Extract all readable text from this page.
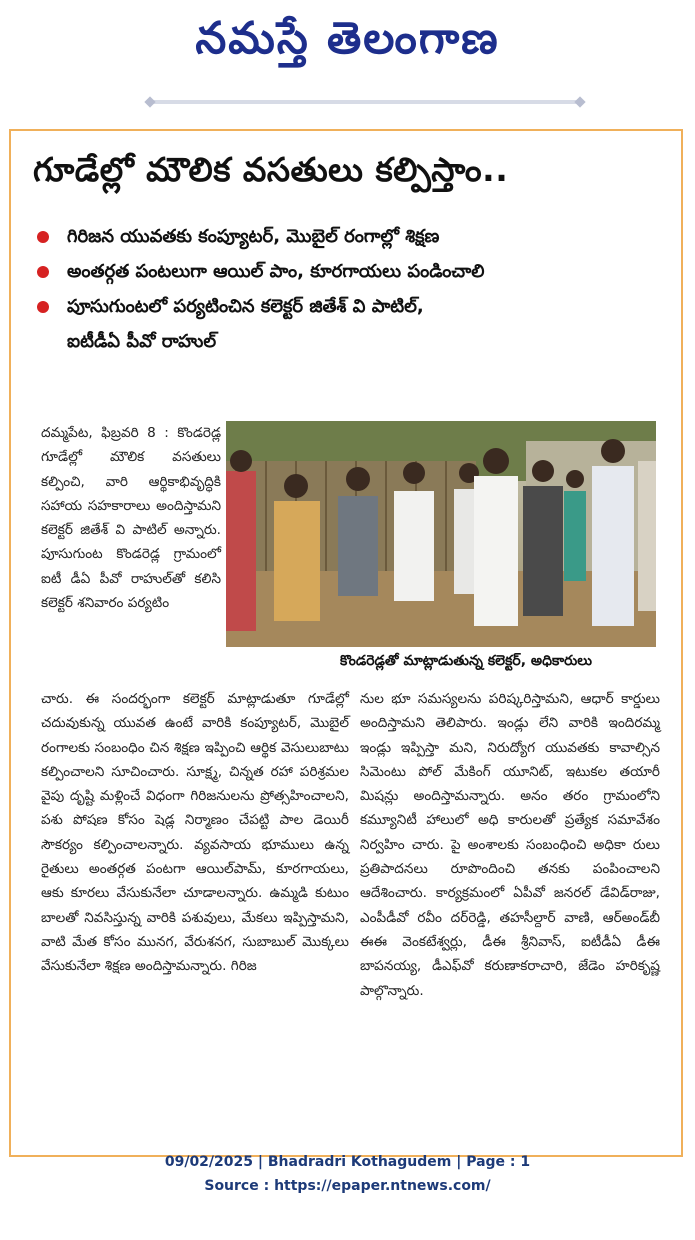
నమస్తే తెలంగాణ
గూడేల్లో మౌలిక వసతులు కల్పిస్తాం..
గిరిజన యువతకు కంప్యూటర్, మొబైల్ రంగాల్లో శిక్షణ
అంతర్గత పంటలుగా ఆయిల్ పాం, కూరగాయలు పండించాలి
పూసుగుంటలో పర్యటించిన కలెక్టర్ జితేశ్ వి పాటిల్,
ఐటీడీఏ పీవో రాహుల్
దమ్మపేట, ఫిబ్రవరి 8 : కొండరెడ్ల గూడేల్లో మౌలిక వసతులు కల్పించి, వారి ఆర్థికాభివృద్ధికి సహాయ సహకారాలు అందిస్తామని కలెక్టర్ జితేశ్ వి పాటిల్ అన్నారు. పూసుగుంట కొండరెడ్ల గ్రామంలో ఐటీ డీఏ పీవో రాహుల్‌తో కలిసి కలెక్టర్ శనివారం పర్యటిం
కొండరెడ్లతో మాట్లాడుతున్న కలెక్టర్, అధికారులు
చారు. ఈ సందర్భంగా కలెక్టర్ మాట్లాడుతూ గూడేల్లో చదువుకున్న యువత ఉంటే వారికి కంప్యూటర్, మొబైల్ రంగాలకు సంబంధిం చిన శిక్షణ ఇప్పించి ఆర్థిక వెసులుబాటు కల్పించాలని సూచించారు. సూక్ష్మ, చిన్నత రహా పరిశ్రమల వైపు దృష్టి మళ్లించే విధంగా గిరిజనులను ప్రోత్సహించాలని, పశు పోషణ కోసం షెడ్ల నిర్మాణం చేపట్టి పాల డెయిరీ సౌకర్యం కల్పించాలన్నారు. వ్యవసాయ భూములు ఉన్న రైతులు అంతర్గత పంటగా ఆయిల్‌పామ్, కూరగాయలు, ఆకు కూరలు వేసుకునేలా చూడాలన్నారు. ఉమ్మడి కుటుం బాలతో నివసిస్తున్న వారికి పశువులు, మేకలు ఇప్పిస్తామని, వాటి మేత కోసం మునగ, వేరుశనగ, సుబాబుల్ మొక్కలు వేసుకునేలా శిక్షణ అందిస్తామన్నారు. గిరిజ
నుల భూ సమస్యలను పరిష్కరిస్తామని, ఆధార్ కార్డులు అందిస్తామని తెలిపారు. ఇండ్లు లేని వారికి ఇందిరమ్మ ఇండ్లు ఇప్పిస్తా మని, నిరుద్యోగ యువతకు కావాల్సిన సిమెంటు పోల్ మేకింగ్ యూనిట్, ఇటుకల తయారీ మిషన్లు అందిస్తామన్నారు. అనం తరం గ్రామంలోని కమ్యూనిటీ హాలులో అధి కారులతో ప్రత్యేక సమావేశం నిర్వహిం చారు. పై అంశాలకు సంబంధించి అధికా రులు ప్రతిపాదనలు రూపొందించి తనకు పంపించాలని ఆదేశించారు. కార్యక్రమంలో ఏపీవో జనరల్ డేవిడ్‌రాజు, ఎంపీడీవో రవీం దర్‌రెడ్డి, తహసీల్దార్ వాణి, ఆర్‌అండ్‌బీ ఈఈ వెంకటేశ్వర్లు, డీఈ శ్రీనివాస్, ఐటీడీఏ డీఈ బాపనయ్య, డీఎఫ్‌వో కరుణాకరాచారి, జేడెం హరికృష్ణ పాల్గొన్నారు.
09/02/2025 | Bhadradri Kothagudem | Page : 1
Source : https://epaper.ntnews.com/
